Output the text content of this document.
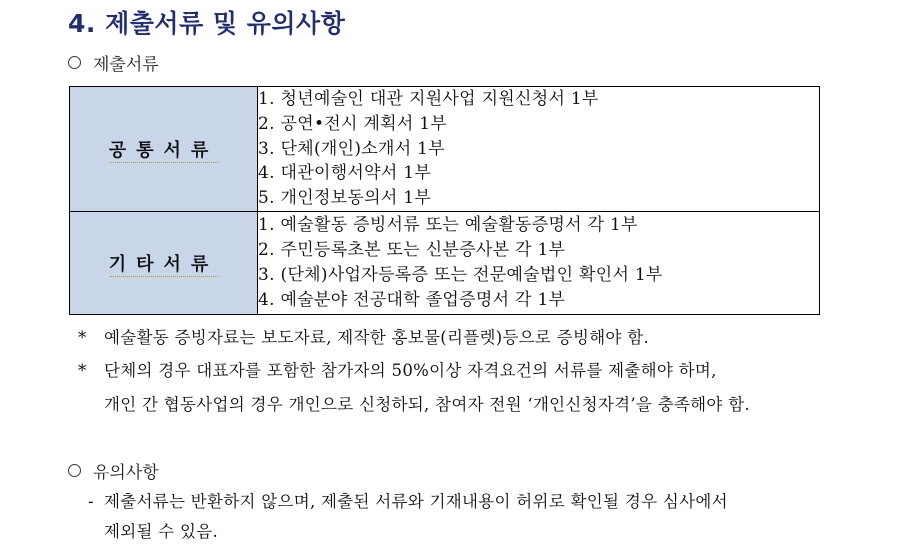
4. 제출서류 및 유의사항
제출서류
공통서류	1. 청년예술인 대관 지원사업 지원신청서 1부
2. 공연•전시 계획서 1부
3. 단체(개인)소개서 1부
4. 대관이행서약서 1부
5. 개인정보동의서 1부

기타서류	1. 예술활동 증빙서류 또는 예술활동증명서 각 1부
2. 주민등록초본 또는 신분증사본 각 1부
3. (단체)사업자등록증 또는 전문예술법인 확인서 1부
4. 예술분야 전공대학 졸업증명서 각 1부
* 예술활동 증빙자료는 보도자료, 제작한 홍보물(리플렛)등으로 증빙해야 함.
* 단체의 경우 대표자를 포함한 참가자의 50%이상 자격요건의 서류를 제출해야 하며,
개인 간 협동사업의 경우 개인으로 신청하되, 참여자 전원 ‘개인신청자격’을 충족해야 함.
유의사항
- 제출서류는 반환하지 않으며, 제출된 서류와 기재내용이 허위로 확인될 경우 심사에서
제외될 수 있음.
